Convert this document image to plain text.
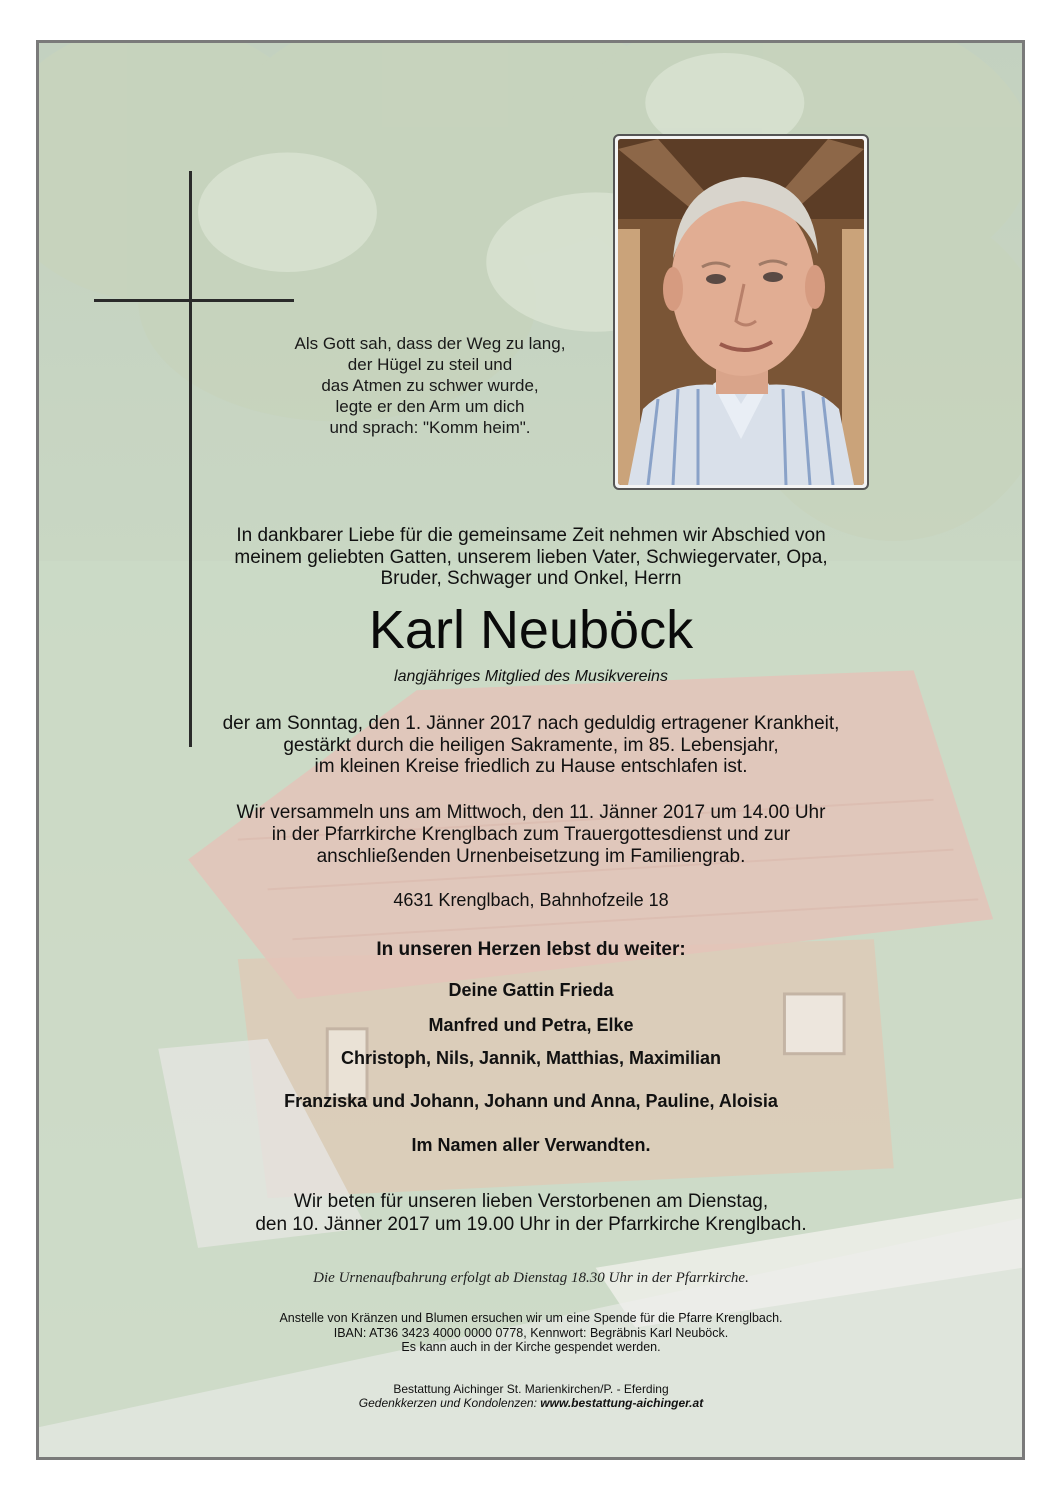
Als Gott sah, dass der Weg zu lang,
der Hügel zu steil und
das Atmen zu schwer wurde,
legte er den Arm um dich
und sprach: "Komm heim".
In dankbarer Liebe für die gemeinsame Zeit nehmen wir Abschied von
meinem geliebten Gatten, unserem lieben Vater, Schwiegervater, Opa,
Bruder, Schwager und Onkel, Herrn
Karl Neuböck
langjähriges Mitglied des Musikvereins
der am Sonntag, den 1. Jänner 2017 nach geduldig ertragener Krankheit,
gestärkt durch die heiligen Sakramente, im 85. Lebensjahr,
im kleinen Kreise friedlich zu Hause entschlafen ist.
Wir versammeln uns am Mittwoch, den 11. Jänner 2017 um 14.00 Uhr
in der Pfarrkirche Krenglbach zum Trauergottesdienst und zur
anschließenden Urnenbeisetzung im Familiengrab.
4631 Krenglbach, Bahnhofzeile 18
In unseren Herzen lebst du weiter:
Deine Gattin Frieda
Manfred und Petra, Elke
Christoph, Nils, Jannik, Matthias, Maximilian
Franziska und Johann, Johann und Anna, Pauline, Aloisia
Im Namen aller Verwandten.
Wir beten für unseren lieben Verstorbenen am Dienstag,
den 10. Jänner 2017 um 19.00 Uhr in der Pfarrkirche Krenglbach.
Die Urnenaufbahrung erfolgt ab Dienstag 18.30 Uhr in der Pfarrkirche.
Anstelle von Kränzen und Blumen ersuchen wir um eine Spende für die Pfarre Krenglbach.
IBAN: AT36 3423 4000 0000 0778, Kennwort: Begräbnis Karl Neuböck.
Es kann auch in der Kirche gespendet werden.
Bestattung Aichinger St. Marienkirchen/P. - Eferding
Gedenkkerzen und Kondolenzen: www.bestattung-aichinger.at
